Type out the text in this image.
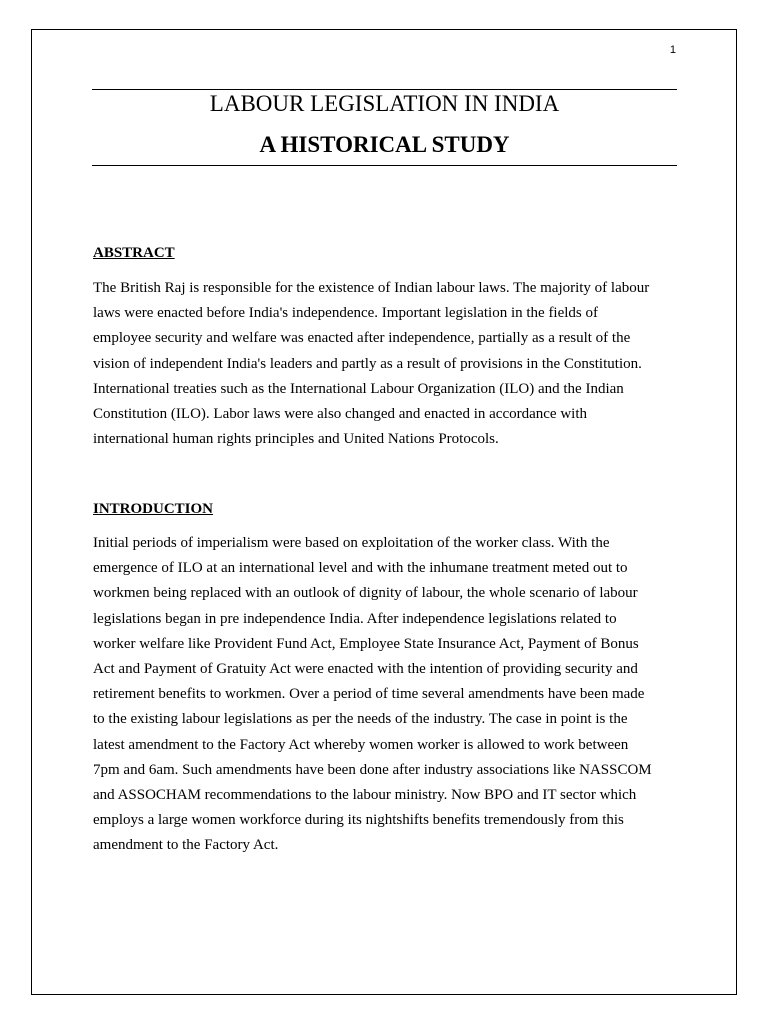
1
LABOUR LEGISLATION IN INDIA
A HISTORICAL STUDY
ABSTRACT

The British Raj is responsible for the existence of Indian labour laws. The majority of labour
laws were enacted before India's independence. Important legislation in the fields of
employee security and welfare was enacted after independence, partially as a result of the
vision of independent India's leaders and partly as a result of provisions in the Constitution.
International treaties such as the International Labour Organization (ILO) and the Indian
Constitution (ILO). Labor laws were also changed and enacted in accordance with
international human rights principles and United Nations Protocols.

INTRODUCTION

Initial periods of imperialism were based on exploitation of the worker class. With the
emergence of ILO at an international level and with the inhumane treatment meted out to
workmen being replaced with an outlook of dignity of labour, the whole scenario of labour
legislations began in pre independence India. After independence legislations related to
worker welfare like Provident Fund Act, Employee State Insurance Act, Payment of Bonus
Act and Payment of Gratuity Act were enacted with the intention of providing security and
retirement benefits to workmen. Over a period of time several amendments have been made
to the existing labour legislations as per the needs of the industry. The case in point is the
latest amendment to the Factory Act whereby women worker is allowed to work between
7pm and 6am. Such amendments have been done after industry associations like NASSCOM
and ASSOCHAM recommendations to the labour ministry. Now BPO and IT sector which
employs a large women workforce during its nightshifts benefits tremendously from this
amendment to the Factory Act.
